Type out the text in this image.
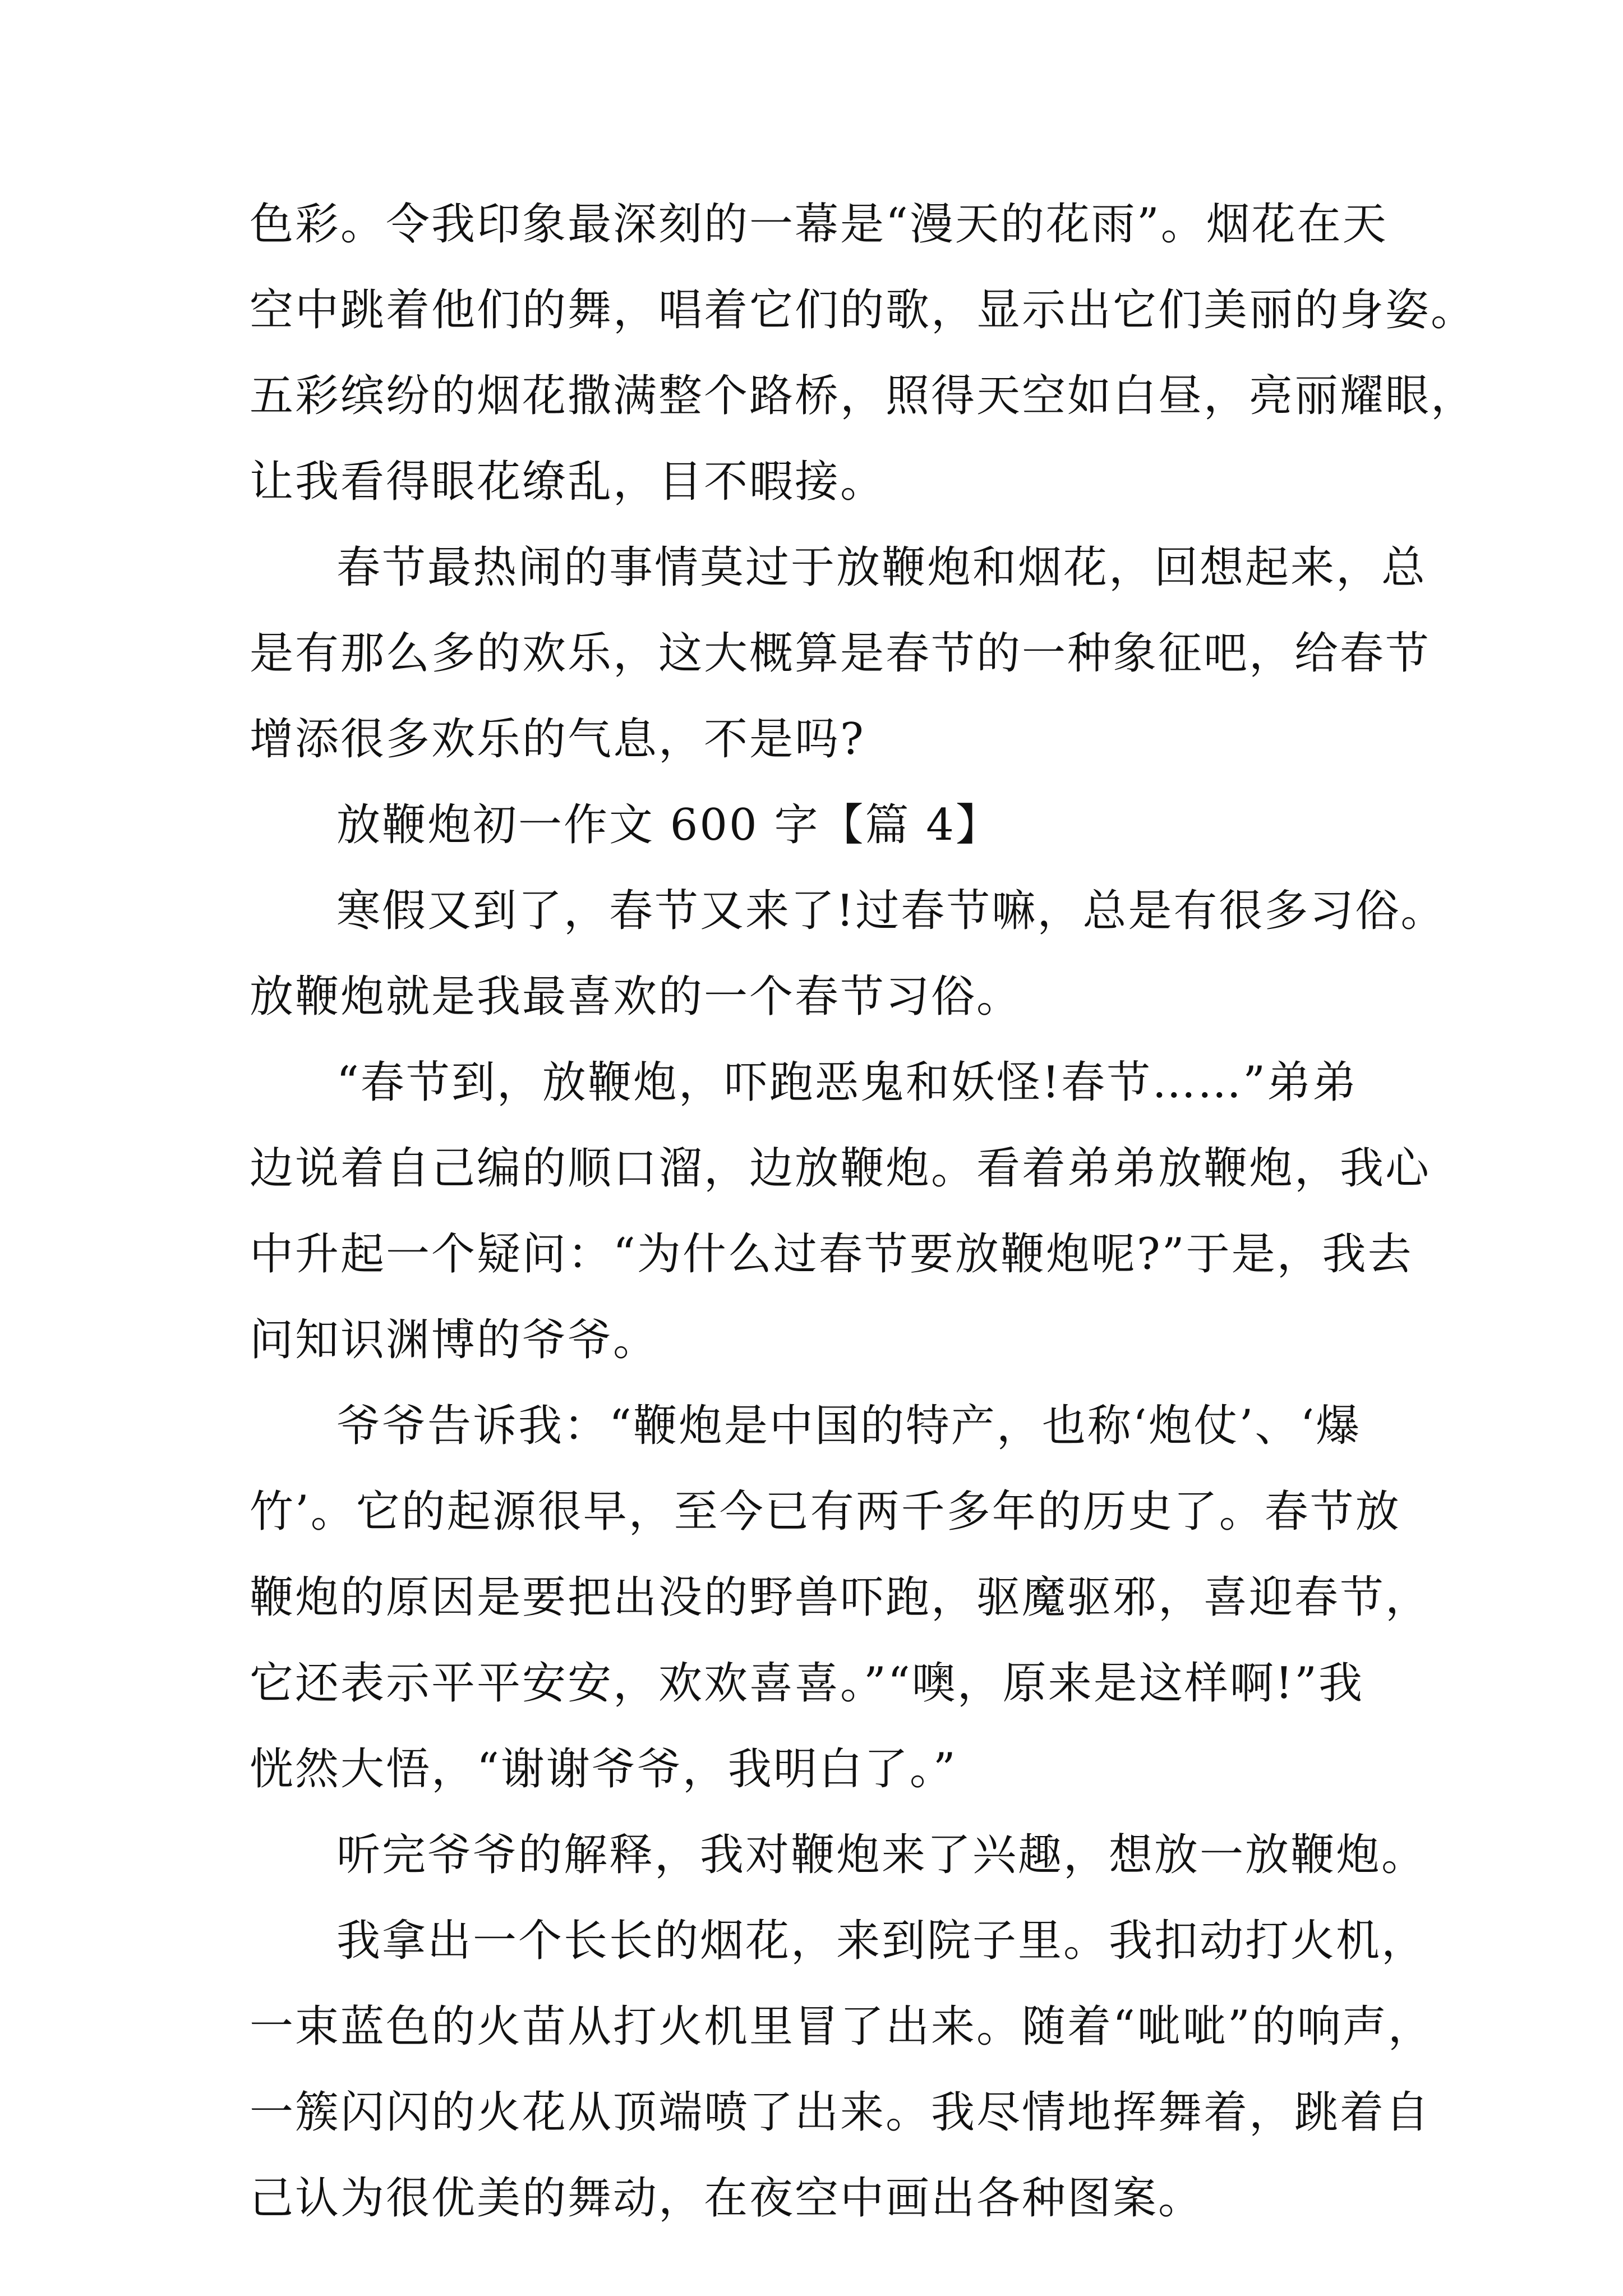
色彩。令我印象最深刻的一幕是“漫天的花雨”。烟花在天
空中跳着他们的舞，唱着它们的歌，显示出它们美丽的身姿。
五彩缤纷的烟花撒满整个路桥，照得天空如白昼，亮丽耀眼，
让我看得眼花缭乱，目不暇接。
春节最热闹的事情莫过于放鞭炮和烟花，回想起来，总
是有那么多的欢乐，这大概算是春节的一种象征吧，给春节
增添很多欢乐的气息，不是吗?
放鞭炮初一作文 600 字【篇 4】
寒假又到了，春节又来了!过春节嘛，总是有很多习俗。
放鞭炮就是我最喜欢的一个春节习俗。
“春节到，放鞭炮，吓跑恶鬼和妖怪!春节……”弟弟
边说着自己编的顺口溜，边放鞭炮。看着弟弟放鞭炮，我心
中升起一个疑问：“为什么过春节要放鞭炮呢?”于是，我去
问知识渊博的爷爷。
爷爷告诉我：“鞭炮是中国的特产，也称‘炮仗’、‘爆
竹’。它的起源很早，至今已有两千多年的历史了。春节放
鞭炮的原因是要把出没的野兽吓跑，驱魔驱邪，喜迎春节，
它还表示平平安安，欢欢喜喜。”“噢，原来是这样啊!”我
恍然大悟，“谢谢爷爷，我明白了。”
听完爷爷的解释，我对鞭炮来了兴趣，想放一放鞭炮。
我拿出一个长长的烟花，来到院子里。我扣动打火机，
一束蓝色的火苗从打火机里冒了出来。随着“呲呲”的响声，
一簇闪闪的火花从顶端喷了出来。我尽情地挥舞着，跳着自
己认为很优美的舞动，在夜空中画出各种图案。
